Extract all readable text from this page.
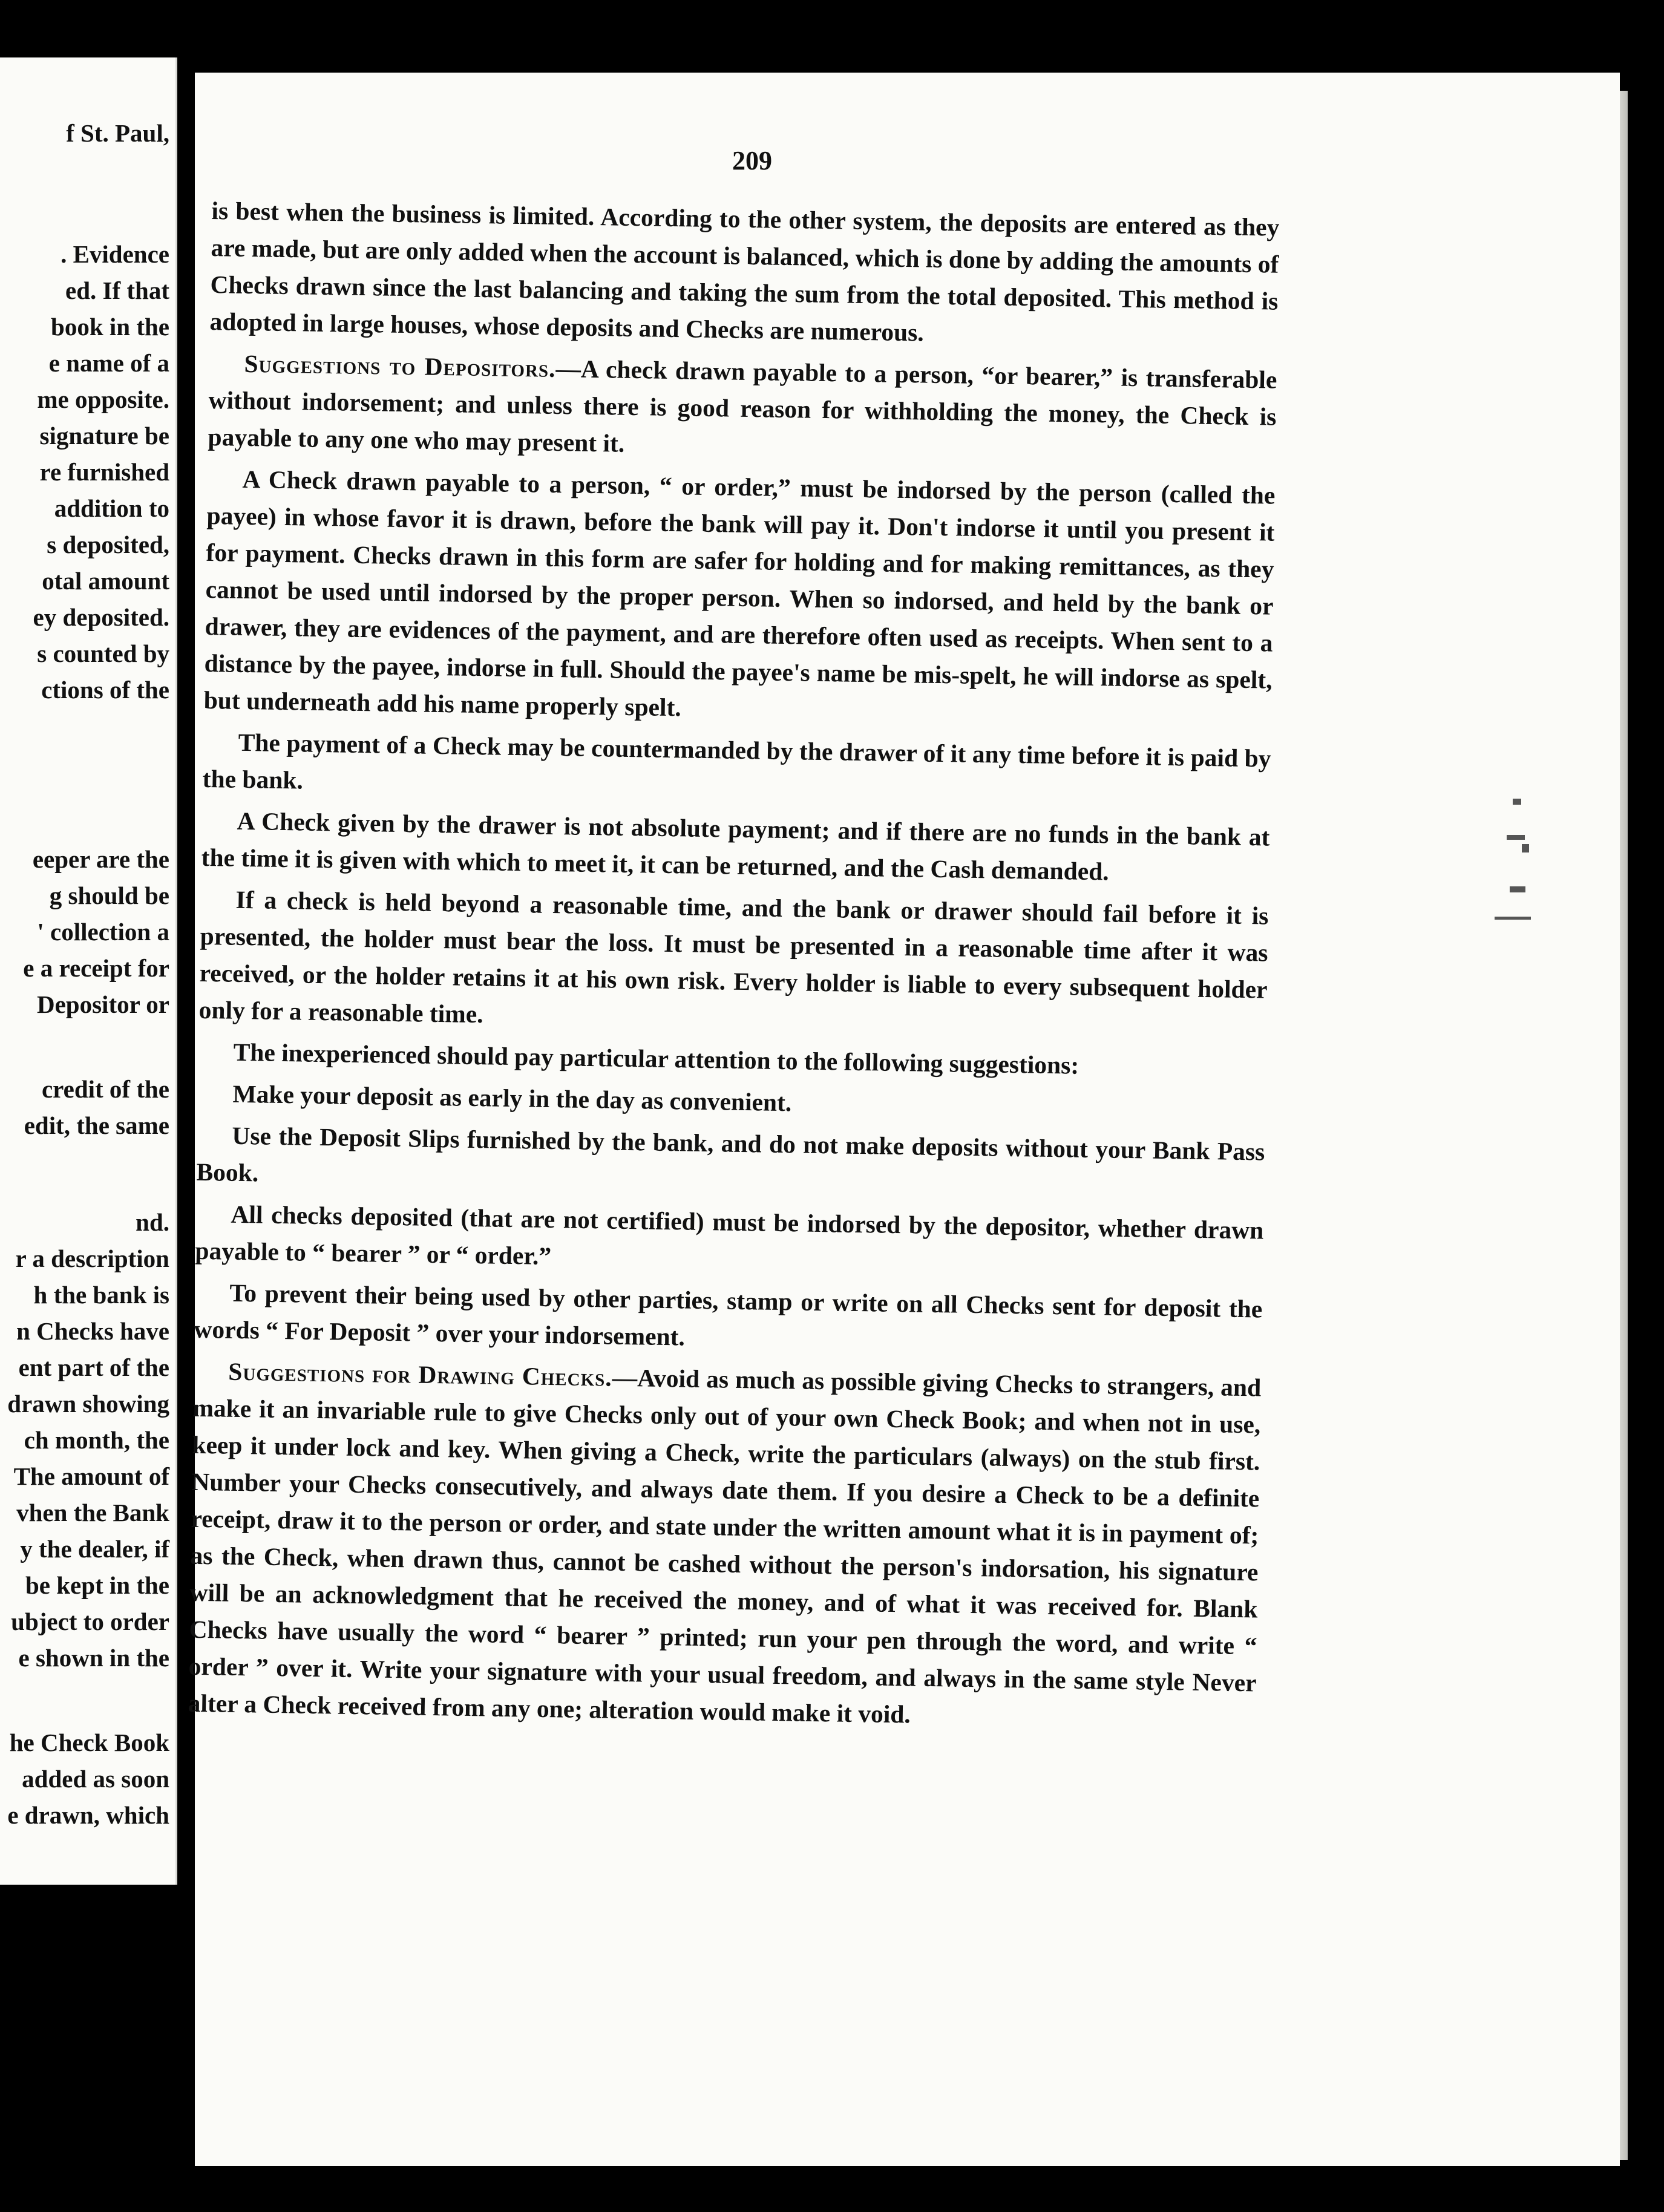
f St. Paul,
. Evidence
ed. If that
book in the
e name of a
me opposite.
signature be
re furnished
addition to
s deposited,
otal amount
ey deposited.
s counted by
ctions of the
eeper are the
g should be
' collection a
e a receipt for
Depositor or
credit of the
edit, the same
nd.
r a description
h the bank is
n Checks have
ent part of the
drawn showing
ch month, the
The amount of
vhen the Bank
y the dealer, if
be kept in the
ubject to order
e shown in the
he Check Book
added as soon
e drawn, which
209

is best when the business is limited. According to the other system, the deposits are entered as they are made, but are only added when the account is balanced, which is done by adding the amounts of Checks drawn since the last balancing and taking the sum from the total deposited. This method is adopted in large houses, whose deposits and Checks are numerous.

Suggestions to Depositors.—A check drawn payable to a person, “or bearer,” is transferable without indorsement; and unless there is good reason for withholding the money, the Check is payable to any one who may present it.

A Check drawn payable to a person, “ or order,” must be indorsed by the person (called the payee) in whose favor it is drawn, before the bank will pay it. Don't indorse it until you present it for payment. Checks drawn in this form are safer for holding and for making remittances, as they cannot be used until indorsed by the proper person. When so indorsed, and held by the bank or drawer, they are evidences of the payment, and are therefore often used as receipts. When sent to a distance by the payee, indorse in full. Should the payee's name be mis-spelt, he will indorse as spelt, but underneath add his name properly spelt.

The payment of a Check may be countermanded by the drawer of it any time before it is paid by the bank.

A Check given by the drawer is not absolute payment; and if there are no funds in the bank at the time it is given with which to meet it, it can be returned, and the Cash demanded.

If a check is held beyond a reasonable time, and the bank or drawer should fail before it is presented, the holder must bear the loss. It must be presented in a reasonable time after it was received, or the holder retains it at his own risk. Every holder is liable to every subsequent holder only for a reasonable time.

The inexperienced should pay particular attention to the following suggestions:

Make your deposit as early in the day as convenient.

Use the Deposit Slips furnished by the bank, and do not make deposits without your Bank Pass Book.

All checks deposited (that are not certified) must be indorsed by the depositor, whether drawn payable to “ bearer ” or “ order.”

To prevent their being used by other parties, stamp or write on all Checks sent for deposit the words “ For Deposit ” over your indorsement.

Suggestions for Drawing Checks.—Avoid as much as possible giving Checks to strangers, and make it an invariable rule to give Checks only out of your own Check Book; and when not in use, keep it under lock and key. When giving a Check, write the particulars (always) on the stub first. Number your Checks consecutively, and always date them. If you desire a Check to be a definite receipt, draw it to the person or order, and state under the written amount what it is in payment of; as the Check, when drawn thus, cannot be cashed without the person's indorsation, his signature will be an acknowledgment that he received the money, and of what it was received for. Blank Checks have usually the word “ bearer ” printed; run your pen through the word, and write “ order ” over it. Write your signature with your usual freedom, and always in the same style Never alter a Check received from any one; alteration would make it void.
